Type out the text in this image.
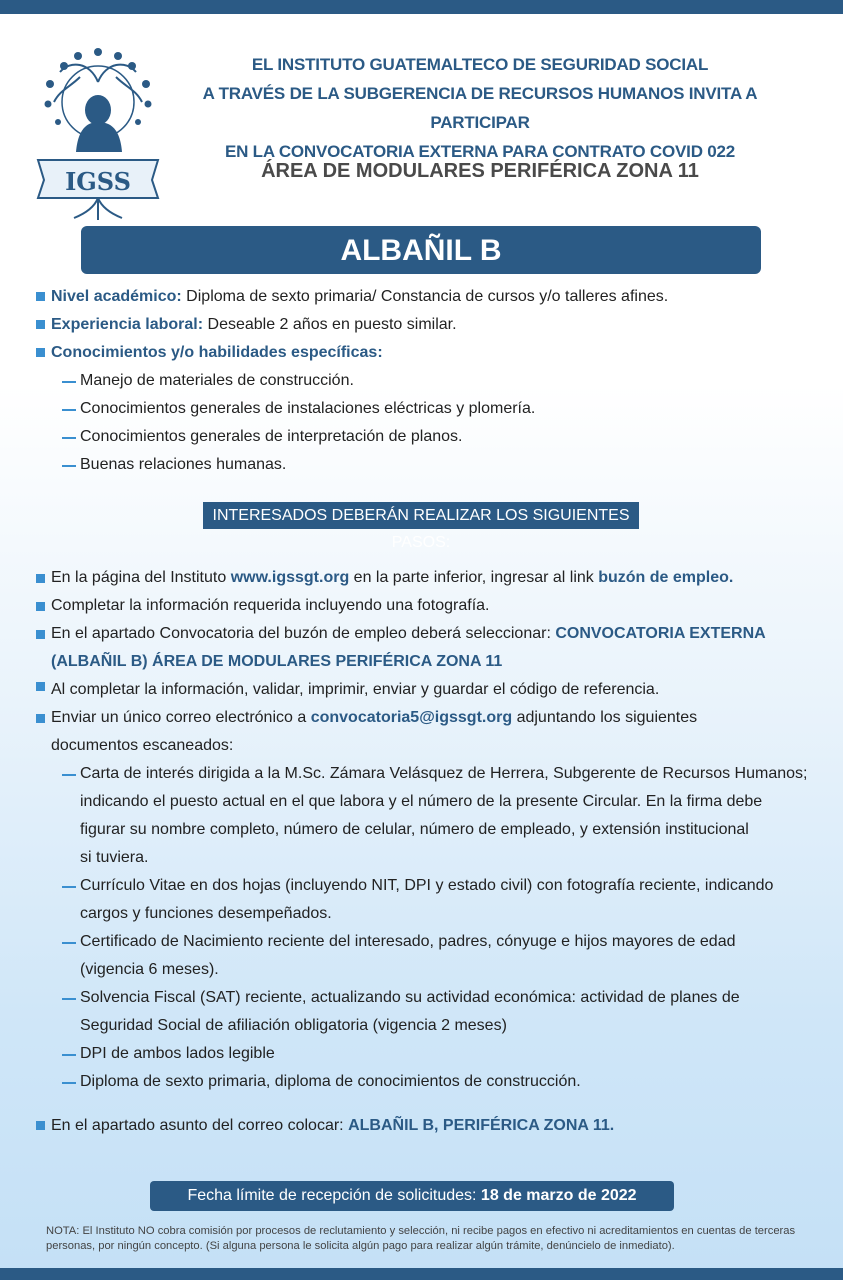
IGSS
EL INSTITUTO GUATEMALTECO DE SEGURIDAD SOCIAL
A TRAVÉS DE LA SUBGERENCIA DE RECURSOS HUMANOS INVITA A PARTICIPAR
EN LA CONVOCATORIA EXTERNA PARA CONTRATO COVID 022
ÁREA DE MODULARES PERIFÉRICA ZONA 11
ALBAÑIL B
Nivel académico: Diploma de sexto primaria/ Constancia de cursos y/o talleres afines.
Experiencia laboral: Deseable 2 años en puesto similar.
Conocimientos y/o habilidades específicas:
Manejo de materiales de construcción.
Conocimientos generales de instalaciones eléctricas y plomería.
Conocimientos generales de interpretación de planos.
Buenas relaciones humanas.
INTERESADOS DEBERÁN REALIZAR LOS SIGUIENTES PASOS:
En la página del Instituto www.igssgt.org en la parte inferior, ingresar al link buzón de empleo.
Completar la información requerida incluyendo una fotografía.
En el apartado Convocatoria del buzón de empleo deberá seleccionar: CONVOCATORIA EXTERNA
(ALBAÑIL B) ÁREA DE MODULARES PERIFÉRICA ZONA 11
Al completar la información, validar, imprimir, enviar y guardar el código de referencia.
Enviar un único correo electrónico a convocatoria5@igssgt.org adjuntando los siguientes
documentos escaneados:
Carta de interés dirigida a la M.Sc. Zámara Velásquez de Herrera, Subgerente de Recursos Humanos;
indicando el puesto actual en el que labora y el número de la presente Circular. En la firma debe
figurar su nombre completo, número de celular, número de empleado, y extensión institucional
si tuviera.
Currículo Vitae en dos hojas (incluyendo NIT, DPI y estado civil) con fotografía reciente, indicando
cargos y funciones desempeñados.
Certificado de Nacimiento reciente del interesado, padres, cónyuge e hijos mayores de edad
(vigencia 6 meses).
Solvencia Fiscal (SAT) reciente, actualizando su actividad económica: actividad de planes de
Seguridad Social de afiliación obligatoria (vigencia 2 meses)
DPI de ambos lados legible
Diploma de sexto primaria, diploma de conocimientos de construcción.
En el apartado asunto del correo colocar: ALBAÑIL B, PERIFÉRICA ZONA 11.
Fecha límite de recepción de solicitudes: 18 de marzo de 2022
NOTA: El Instituto NO cobra comisión por procesos de reclutamiento y selección, ni recibe pagos en efectivo ni acreditamientos en cuentas de terceras personas, por ningún concepto. (Si alguna persona le solicita algún pago para realizar algún trámite, denúncielo de inmediato).
